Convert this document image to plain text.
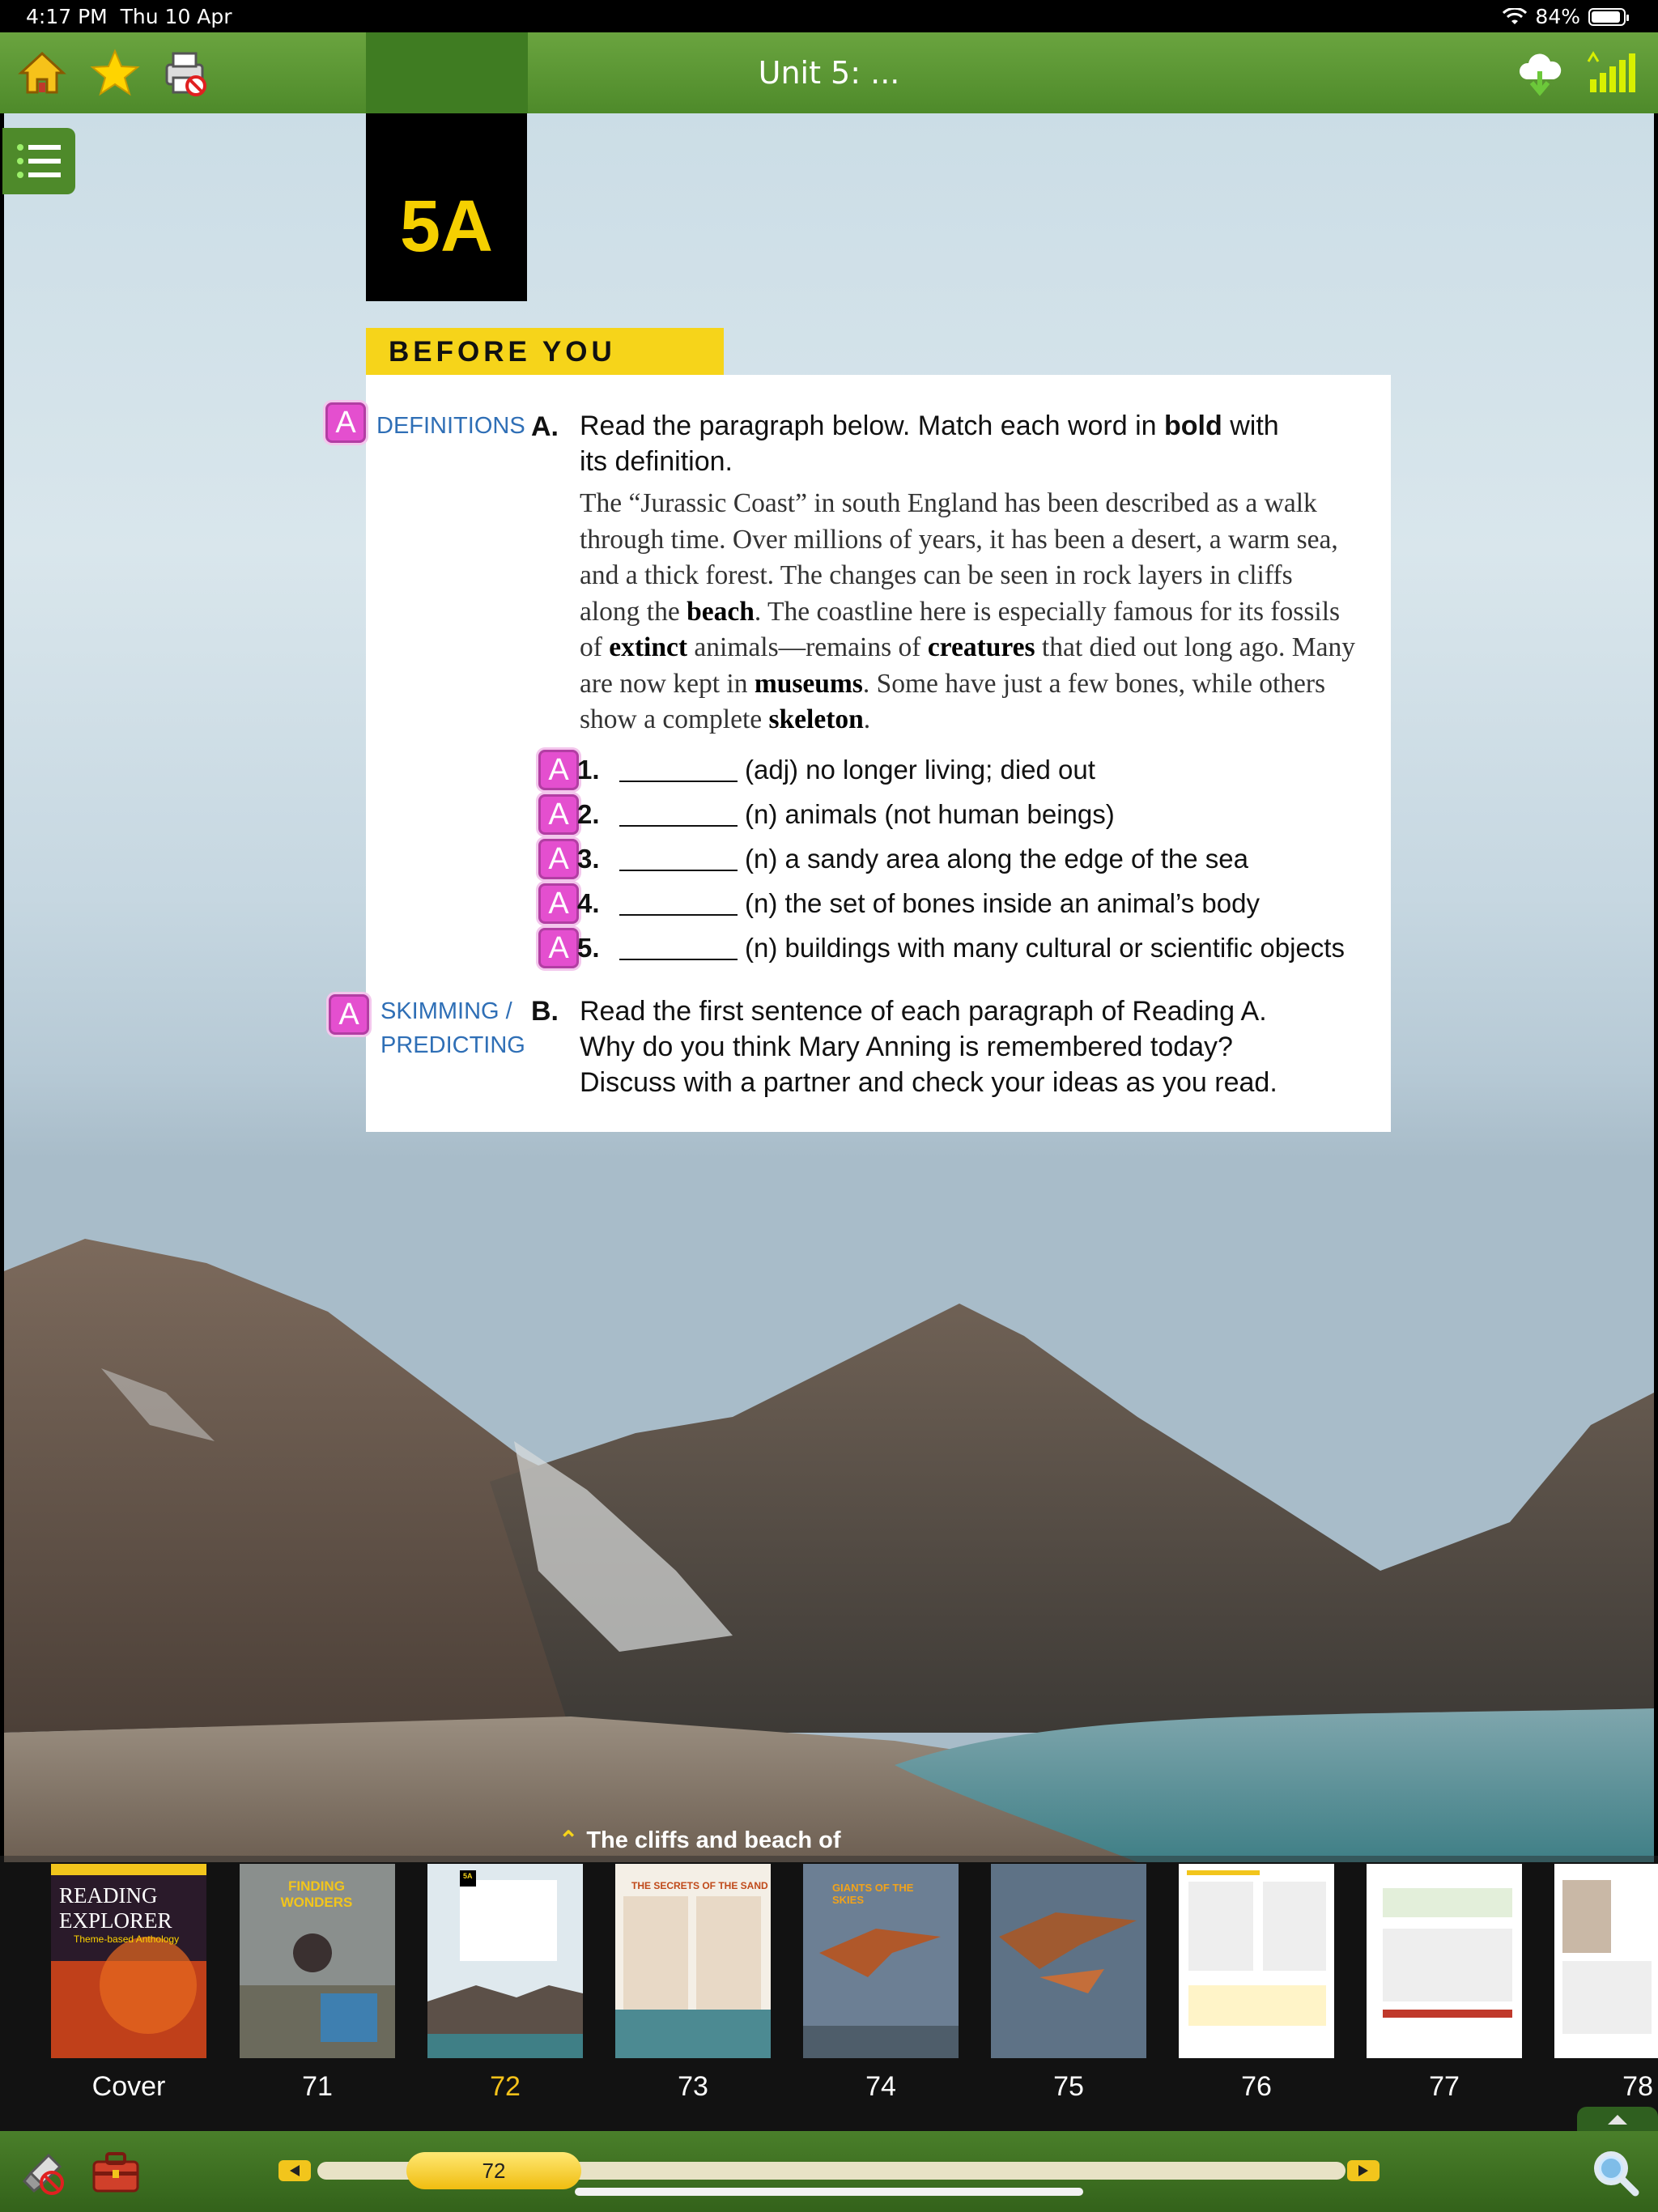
4:17 PM Thu 10 Apr	84%
Unit 5: ...
⌃ The cliffs and beach of
5A
BEFORE YOU
A DEFINITIONS A. Read the paragraph below. Match each word in bold with
its definition.
The “Jurassic Coast” in south England has been described as a walk through time. Over millions of years, it has been a desert, a warm sea, and a thick forest. The changes can be seen in rock layers in cliffs along the beach. The coastline here is especially famous for its fossils of extinct animals—remains of creatures that died out long ago. Many are now kept in museums. Some have just a few bones, while others show a complete skeleton.
A 1.	(adj) no longer living; died out
A 2.	(n) animals (not human beings)
A 3.	(n) a sandy area along the edge of the sea
A 4.	(n) the set of bones inside an animal’s body
A 5.	(n) buildings with many cultural or scientific objects
A SKIMMING /
PREDICTING
B. Read the first sentence of each paragraph of Reading A.
Why do you think Mary Anning is remembered today?
Discuss with a partner and check your ideas as you read.
READING EXPLORER
Theme-based Anthology
FINDING WONDERS
5A
THE SECRETS OF THE SAND	GIANTS OF THE SKIES
Cover	71	72	73	74	75	76	77	78
72
